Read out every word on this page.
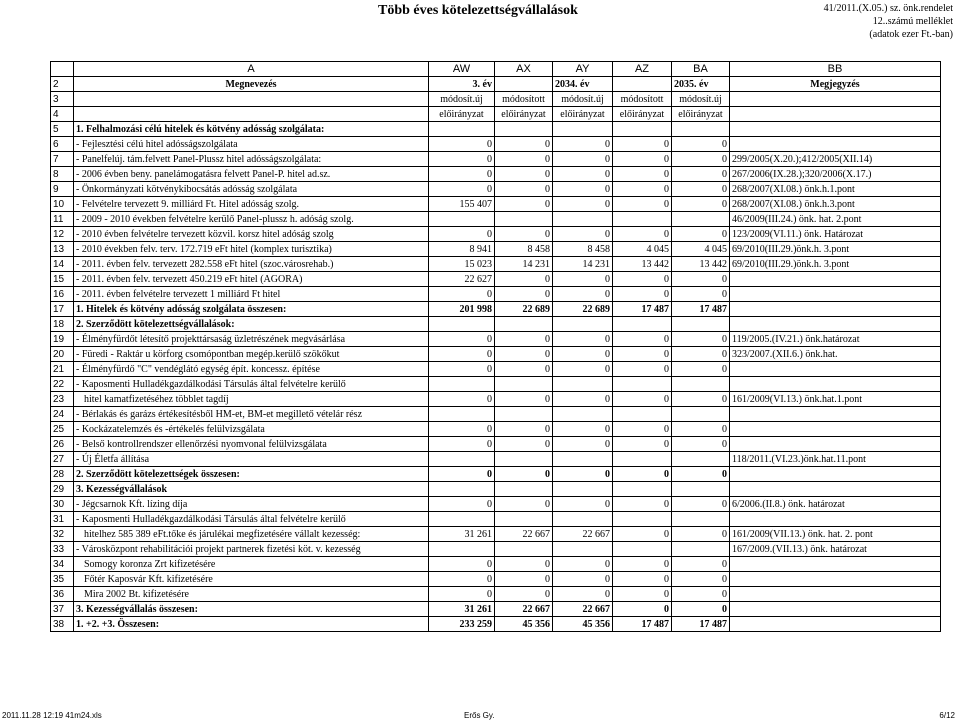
Több éves kötelezettségvállalások	41/2011.(X.05.) sz. önk.rendelet
12..számú melléklet
(adatok ezer Ft.-ban)
	A	AW	AX	AY	AZ	BA	BB
2	Megnevezés	3. év		2034. év		2035. év	Megjegyzés
3		módosít.új	módosított	módosít.új	módosított	módosít.új	
4		előirányzat	előirányzat	előirányzat	előirányzat	előirányzat	
5	1. Felhalmozási célú hitelek és kötvény adósság szolgálata:						
6	- Fejlesztési célú hitel adósságszolgálata	0	0	0	0	0	
7	- Panelfelúj. tám.felvett Panel-Plussz hitel adósságszolgálata:	0	0	0	0	0	299/2005(X.20.);412/2005(XII.14)
8	- 2006 évben beny. panelámogatásra felvett Panel-P. hitel ad.sz.	0	0	0	0	0	267/2006(IX.28.);320/2006(X.17.)
9	- Önkormányzati kötvénykibocsátás adósság szolgálata	0	0	0	0	0	268/2007(XI.08.) önk.h.1.pont
10	- Felvételre tervezett 9. milliárd Ft. Hitel adósság szolg.	155 407	0	0	0	0	268/2007(XI.08.) önk.h.3.pont
11	- 2009 - 2010 években felvételre kerülő Panel-plussz h. adóság szolg.						46/2009(III.24.) önk. hat. 2.pont
12	- 2010 évben felvételre tervezett közvil. korsz hitel adóság szolg	0	0	0	0	0	123/2009(VI.11.) önk. Határozat
13	- 2010 években felv. terv. 172.719 eFt hitel (komplex turisztika)	8 941	8 458	8 458	4 045	4 045	69/2010(III.29.)önk.h. 3.pont
14	- 2011. évben felv. tervezett 282.558 eFt hitel (szoc.városrehab.)	15 023	14 231	14 231	13 442	13 442	69/2010(III.29.)önk.h. 3.pont
15	- 2011. évben felv. tervezett 450.219 eFt hitel (AGORA)	22 627	0	0	0	0	
16	- 2011. évben felvételre tervezett 1 milliárd Ft hitel	0	0	0	0	0	
17	1. Hitelek és kötvény adósság szolgálata összesen:	201 998	22 689	22 689	17 487	17 487	
18	2. Szerződött kötelezettségvállalások:						
19	- Élményfürdőt létesítő projekttársaság üzletrészének megvásárlása	0	0	0	0	0	119/2005.(IV.21.) önk.határozat
20	- Füredi - Raktár u körforg csomópontban megép.kerülő szökőkut	0	0	0	0	0	323/2007.(XII.6.) önk.hat.
21	- Élményfürdő "C" vendéglátó egység épít. koncessz. építése	0	0	0	0	0	
22	- Kaposmenti Hulladékgazdálkodási Társulás által felvételre kerülő						
23	hitel kamatfizetéséhez többlet tagdíj	0	0	0	0	0	161/2009(VI.13.) önk.hat.1.pont
24	- Bérlakás és garázs értékesítésből HM-et, BM-et megillető vételár rész						
25	- Kockázatelemzés és -értékelés felülvizsgálata	0	0	0	0	0	
26	- Belső kontrollrendszer ellenőrzési nyomvonal felülvizsgálata	0	0	0	0	0	
27	- Új Életfa állítása						118/2011.(VI.23.)önk.hat.11.pont
28	2. Szerződött kötelezettségek összesen:	0	0	0	0	0	
29	3. Kezességvállalások						
30	- Jégcsarnok Kft. lízing díja	0	0	0	0	0	6/2006.(II.8.) önk. határozat
31	- Kaposmenti Hulladékgazdálkodási Társulás által felvételre kerülő						
32	hitelhez 585 389 eFt.tőke és járulékai megfizetésére vállalt kezesség:	31 261	22 667	22 667	0	0	161/2009(VII.13.) önk. hat. 2. pont
33	- Városközpont rehabilitációi projekt partnerek fizetési köt. v. kezesség						167/2009.(VII.13.) önk. határozat
34	Somogy koronza Zrt kifizetésére	0	0	0	0	0	
35	Főtér Kaposvár Kft. kifizetésére	0	0	0	0	0	
36	Mira 2002 Bt. kifizetésére	0	0	0	0	0	
37	3. Kezességvállalás összesen:	31 261	22 667	22 667	0	0	
38	1. +2. +3. Összesen:	233 259	45 356	45 356	17 487	17 487	
2011.11.28 12:19 41m24.xls	Erős Gy.	6/12
